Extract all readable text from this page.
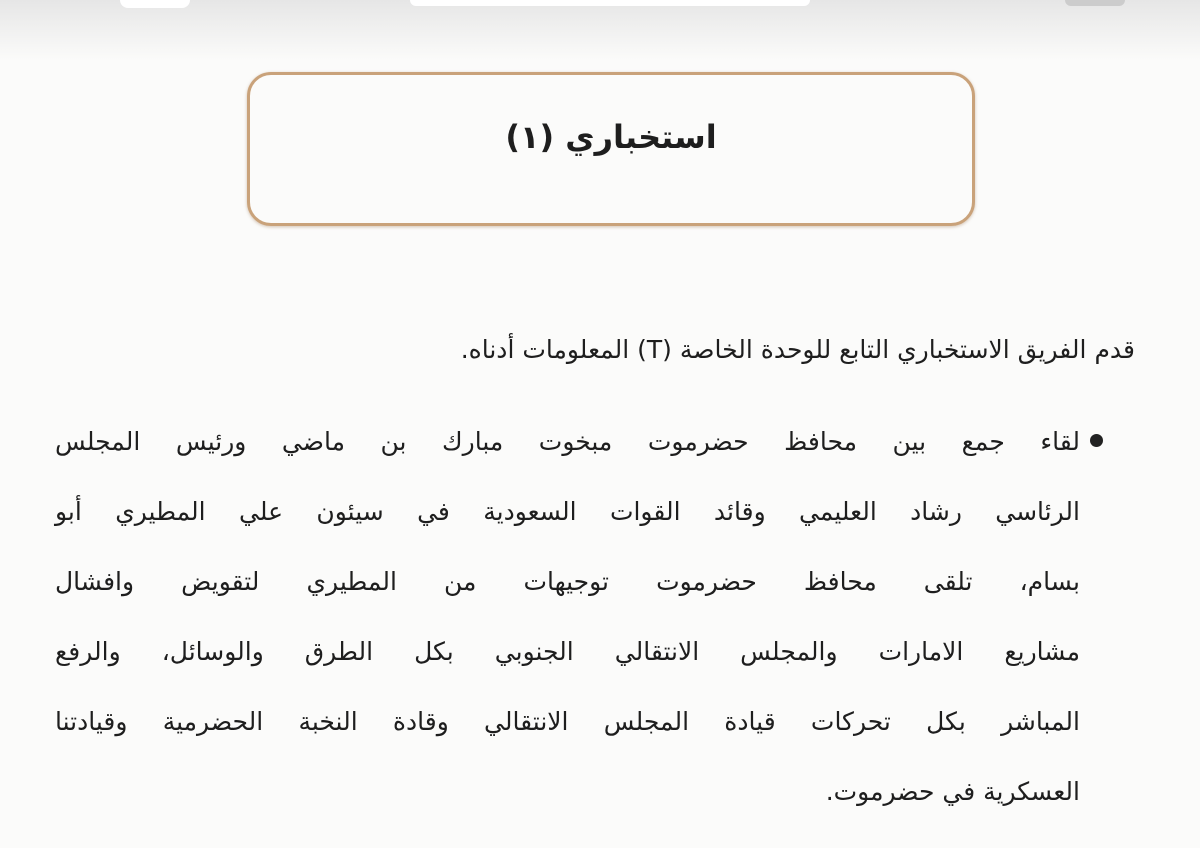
استخباري (١)
قدم الفريق الاستخباري التابع للوحدة الخاصة (T) المعلومات أدناه.
لقاء جمع بين محافظ حضرموت مبخوت مبارك بن ماضي ورئيس المجلس
الرئاسي رشاد العليمي وقائد القوات السعودية في سيئون علي المطيري أبو
بسام، تلقى محافظ حضرموت توجيهات من المطيري لتقويض وافشال
مشاريع الامارات والمجلس الانتقالي الجنوبي بكل الطرق والوسائل، والرفع
المباشر بكل تحركات قيادة المجلس الانتقالي وقادة النخبة الحضرمية وقيادتنا
العسكرية في حضرموت.
